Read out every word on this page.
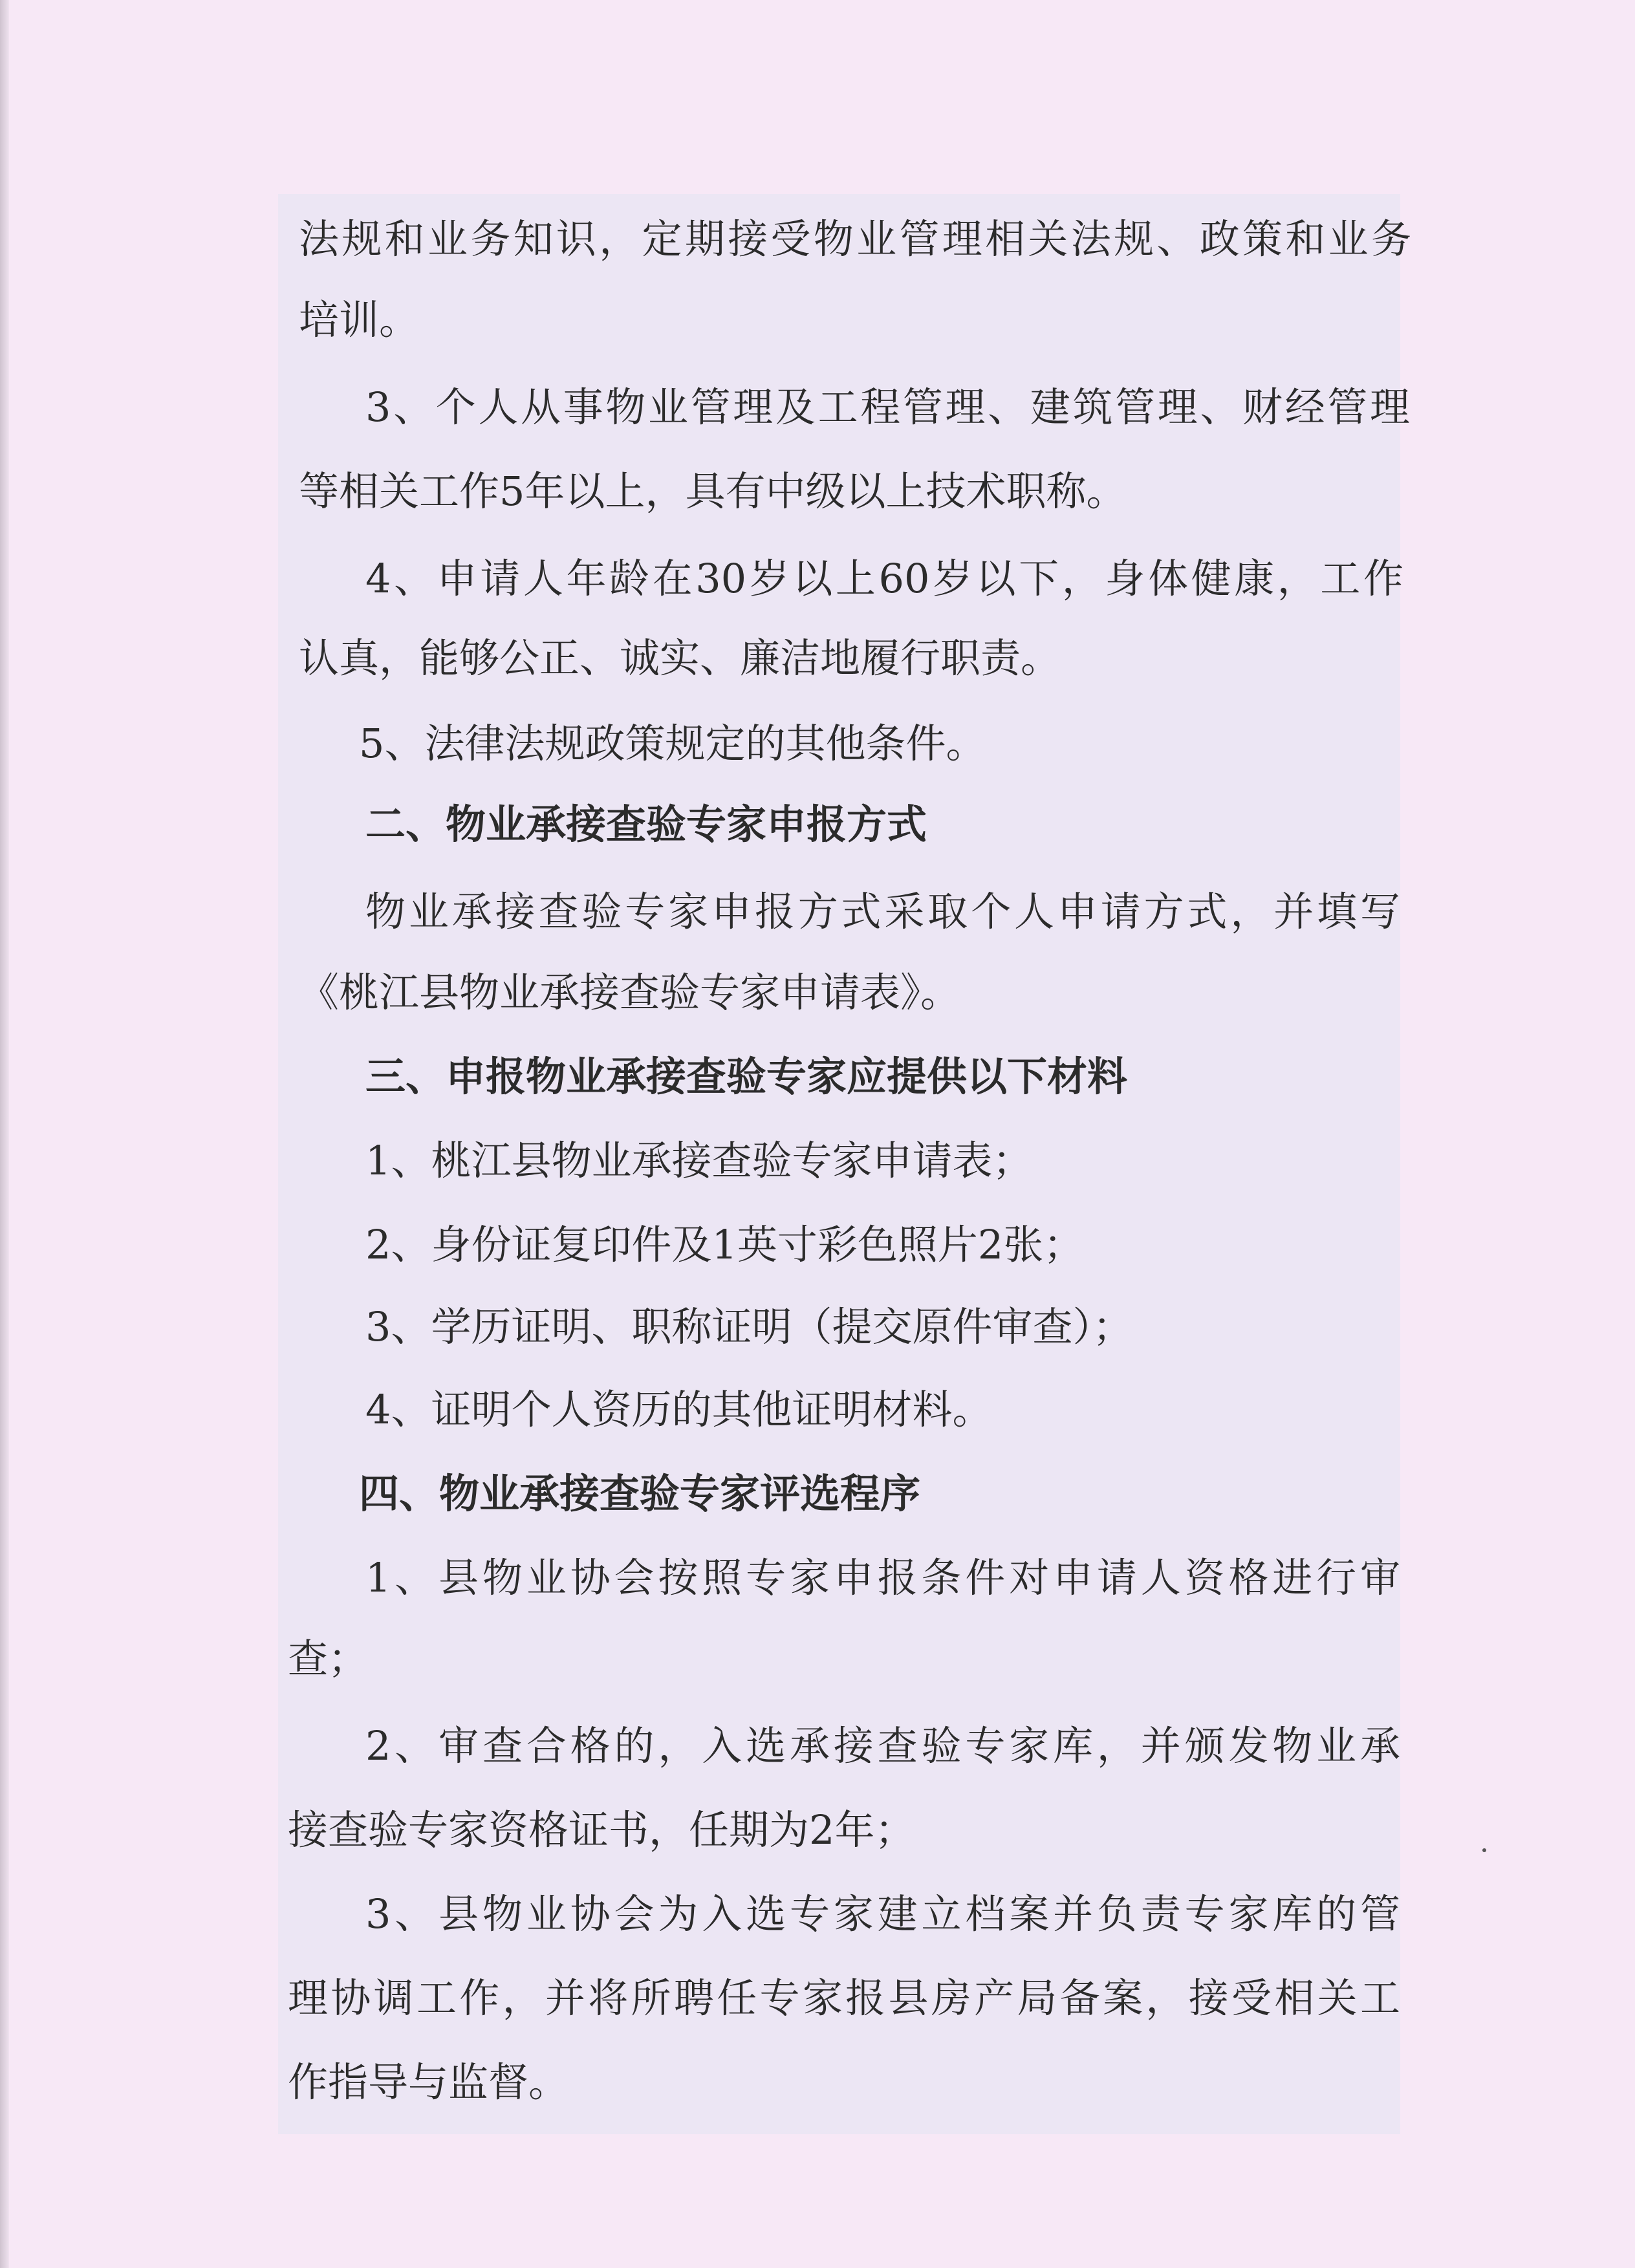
法规和业务知识，定期接受物业管理相关法规、政策和业务
培训。
3、个人从事物业管理及工程管理、建筑管理、财经管理
等相关工作5年以上，具有中级以上技术职称。
4、申请人年龄在30岁以上60岁以下，身体健康，工作
认真，能够公正、诚实、廉洁地履行职责。
5、法律法规政策规定的其他条件。
二、物业承接查验专家申报方式
物业承接查验专家申报方式采取个人申请方式，并填写
《桃江县物业承接查验专家申请表》。
三、申报物业承接查验专家应提供以下材料
1、桃江县物业承接查验专家申请表；
2、身份证复印件及1英寸彩色照片2张；
3、学历证明、职称证明（提交原件审查）；
4、证明个人资历的其他证明材料。
四、物业承接查验专家评选程序
1、县物业协会按照专家申报条件对申请人资格进行审
查；
2、审查合格的，入选承接查验专家库，并颁发物业承
接查验专家资格证书，任期为2年；
3、县物业协会为入选专家建立档案并负责专家库的管
理协调工作，并将所聘任专家报县房产局备案，接受相关工
作指导与监督。
